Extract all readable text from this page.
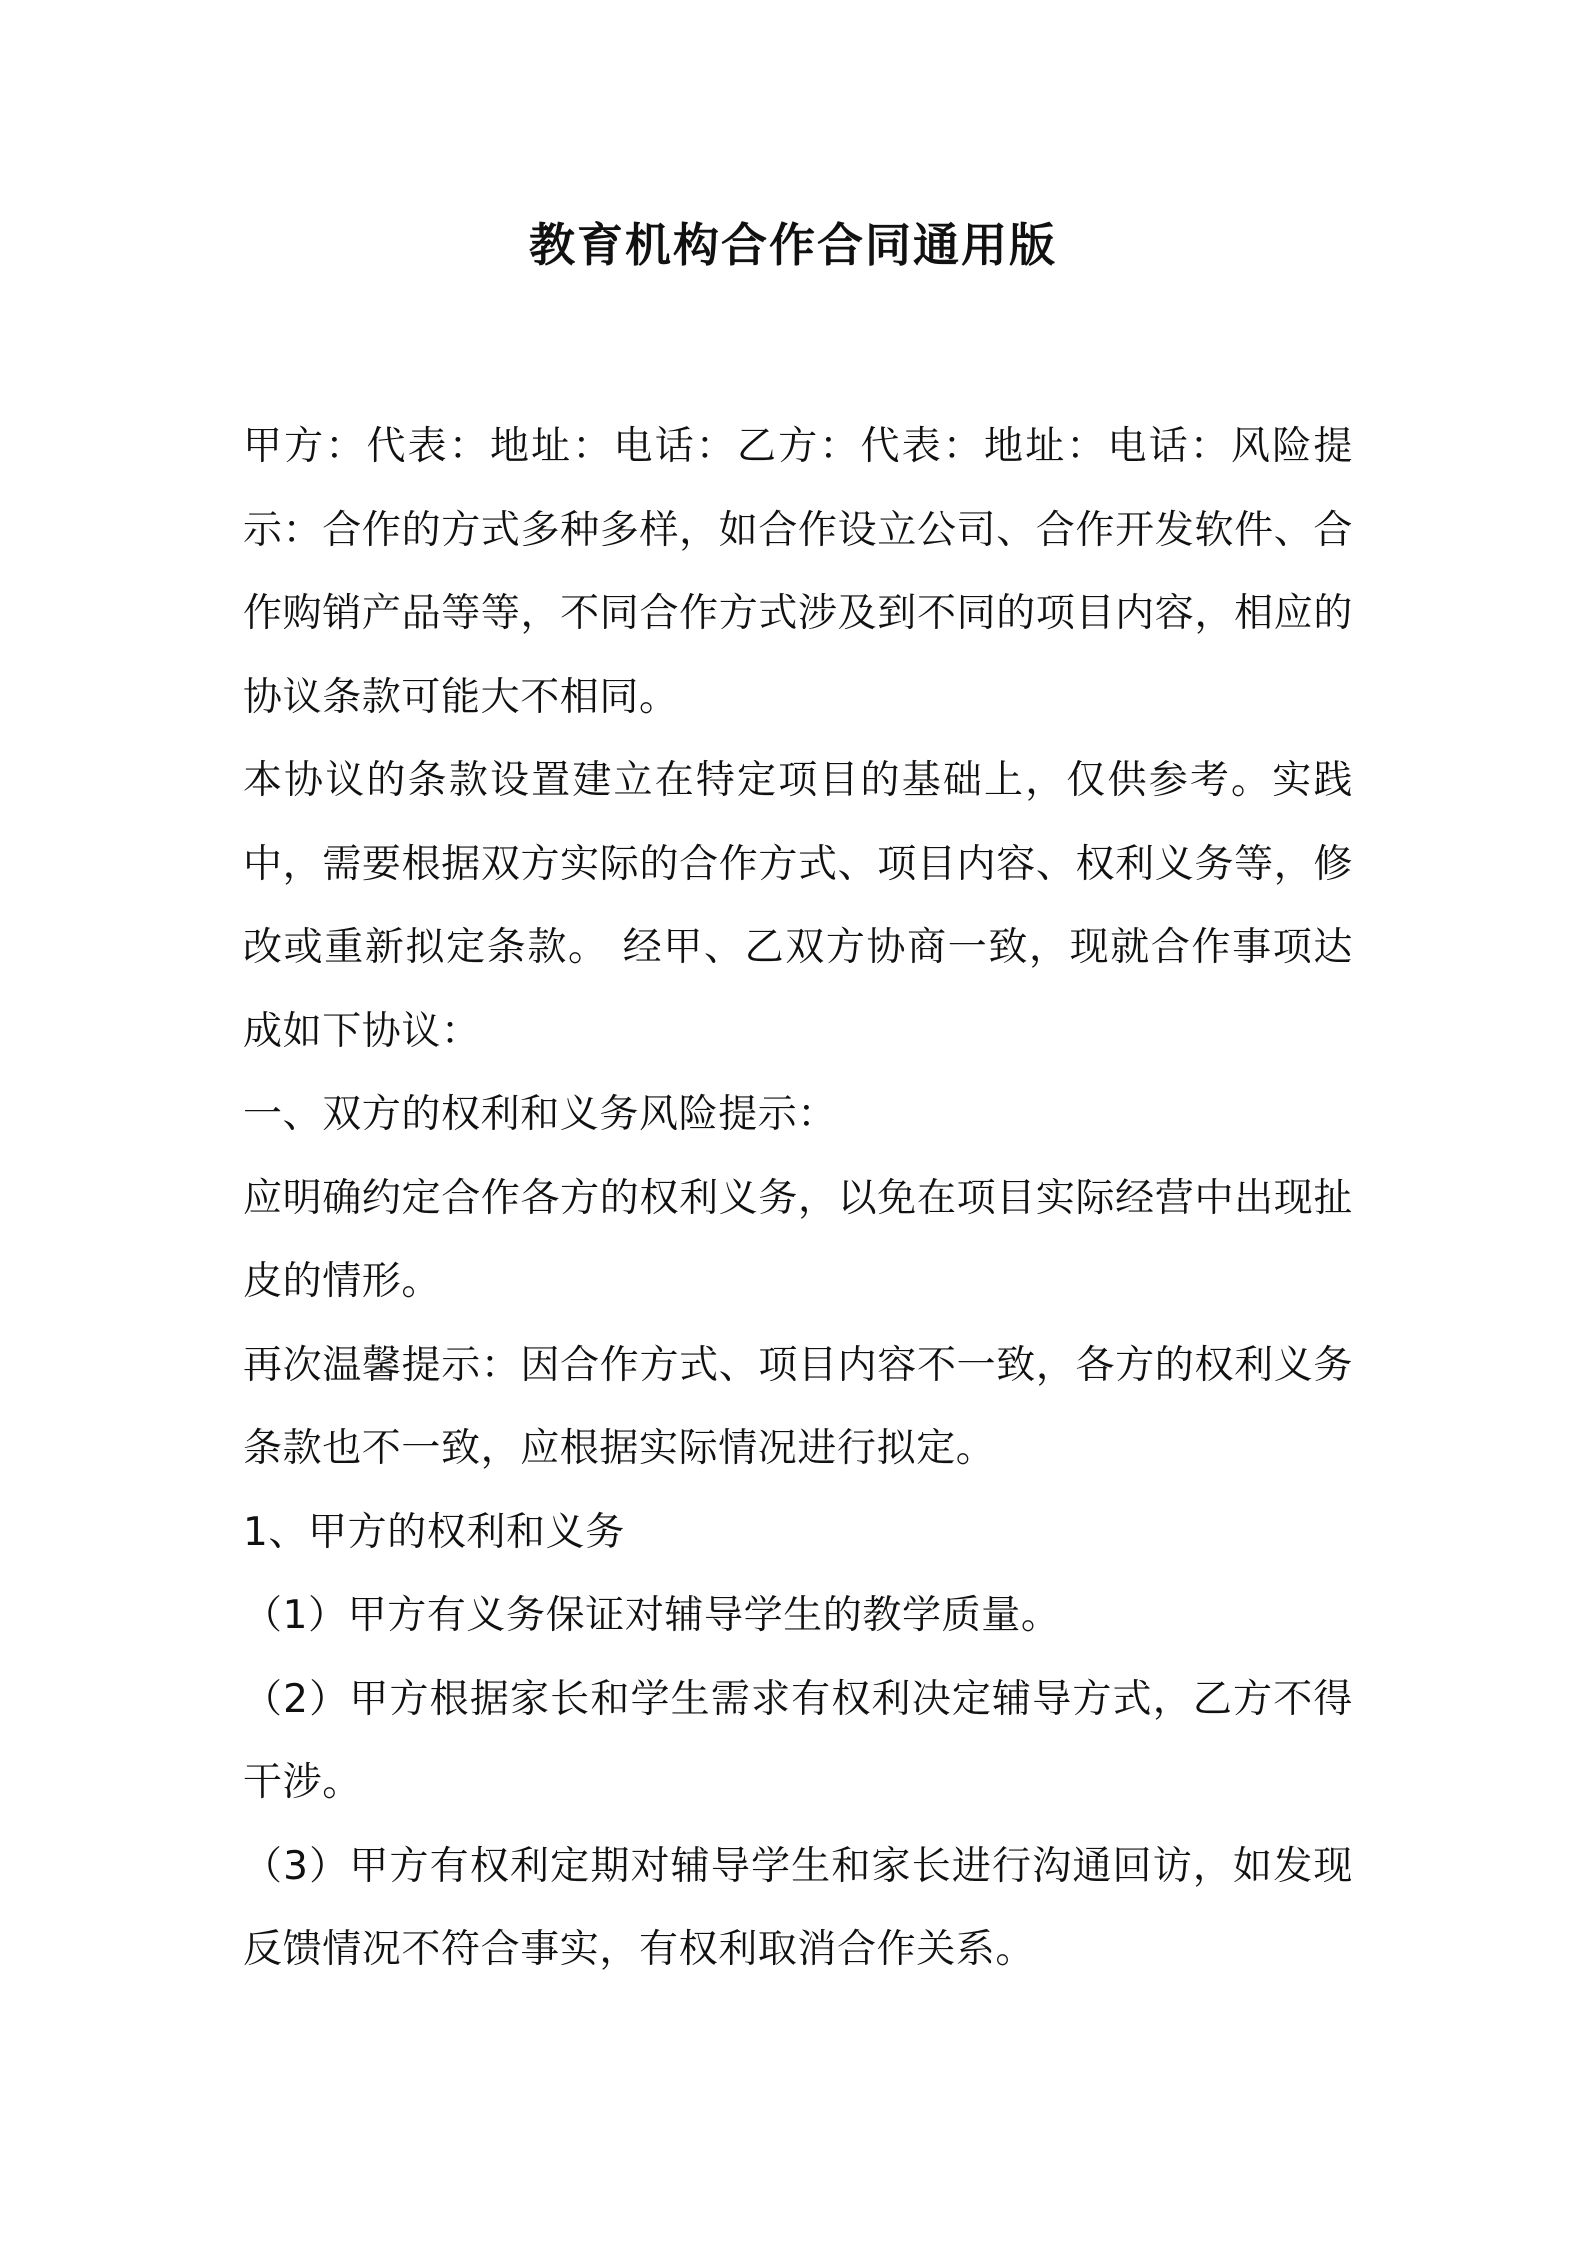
教育机构合作合同通用版

甲方：代表：地址：电话：乙方：代表：地址：电话：风险提示：合作的方式多种多样，如合作设立公司、合作开发软件、合作购销产品等等，不同合作方式涉及到不同的项目内容，相应的协议条款可能大不相同。

本协议的条款设置建立在特定项目的基础上，仅供参考。实践中，需要根据双方实际的合作方式、项目内容、权利义务等，修改或重新拟定条款。 经甲、乙双方协商一致，现就合作事项达成如下协议：

一、双方的权利和义务风险提示：

应明确约定合作各方的权利义务，以免在项目实际经营中出现扯皮的情形。

再次温馨提示：因合作方式、项目内容不一致，各方的权利义务条款也不一致，应根据实际情况进行拟定。

1、甲方的权利和义务

（1）甲方有义务保证对辅导学生的教学质量。

（2）甲方根据家长和学生需求有权利决定辅导方式，乙方不得干涉。

（3）甲方有权利定期对辅导学生和家长进行沟通回访，如发现反馈情况不符合事实，有权利取消合作关系。
